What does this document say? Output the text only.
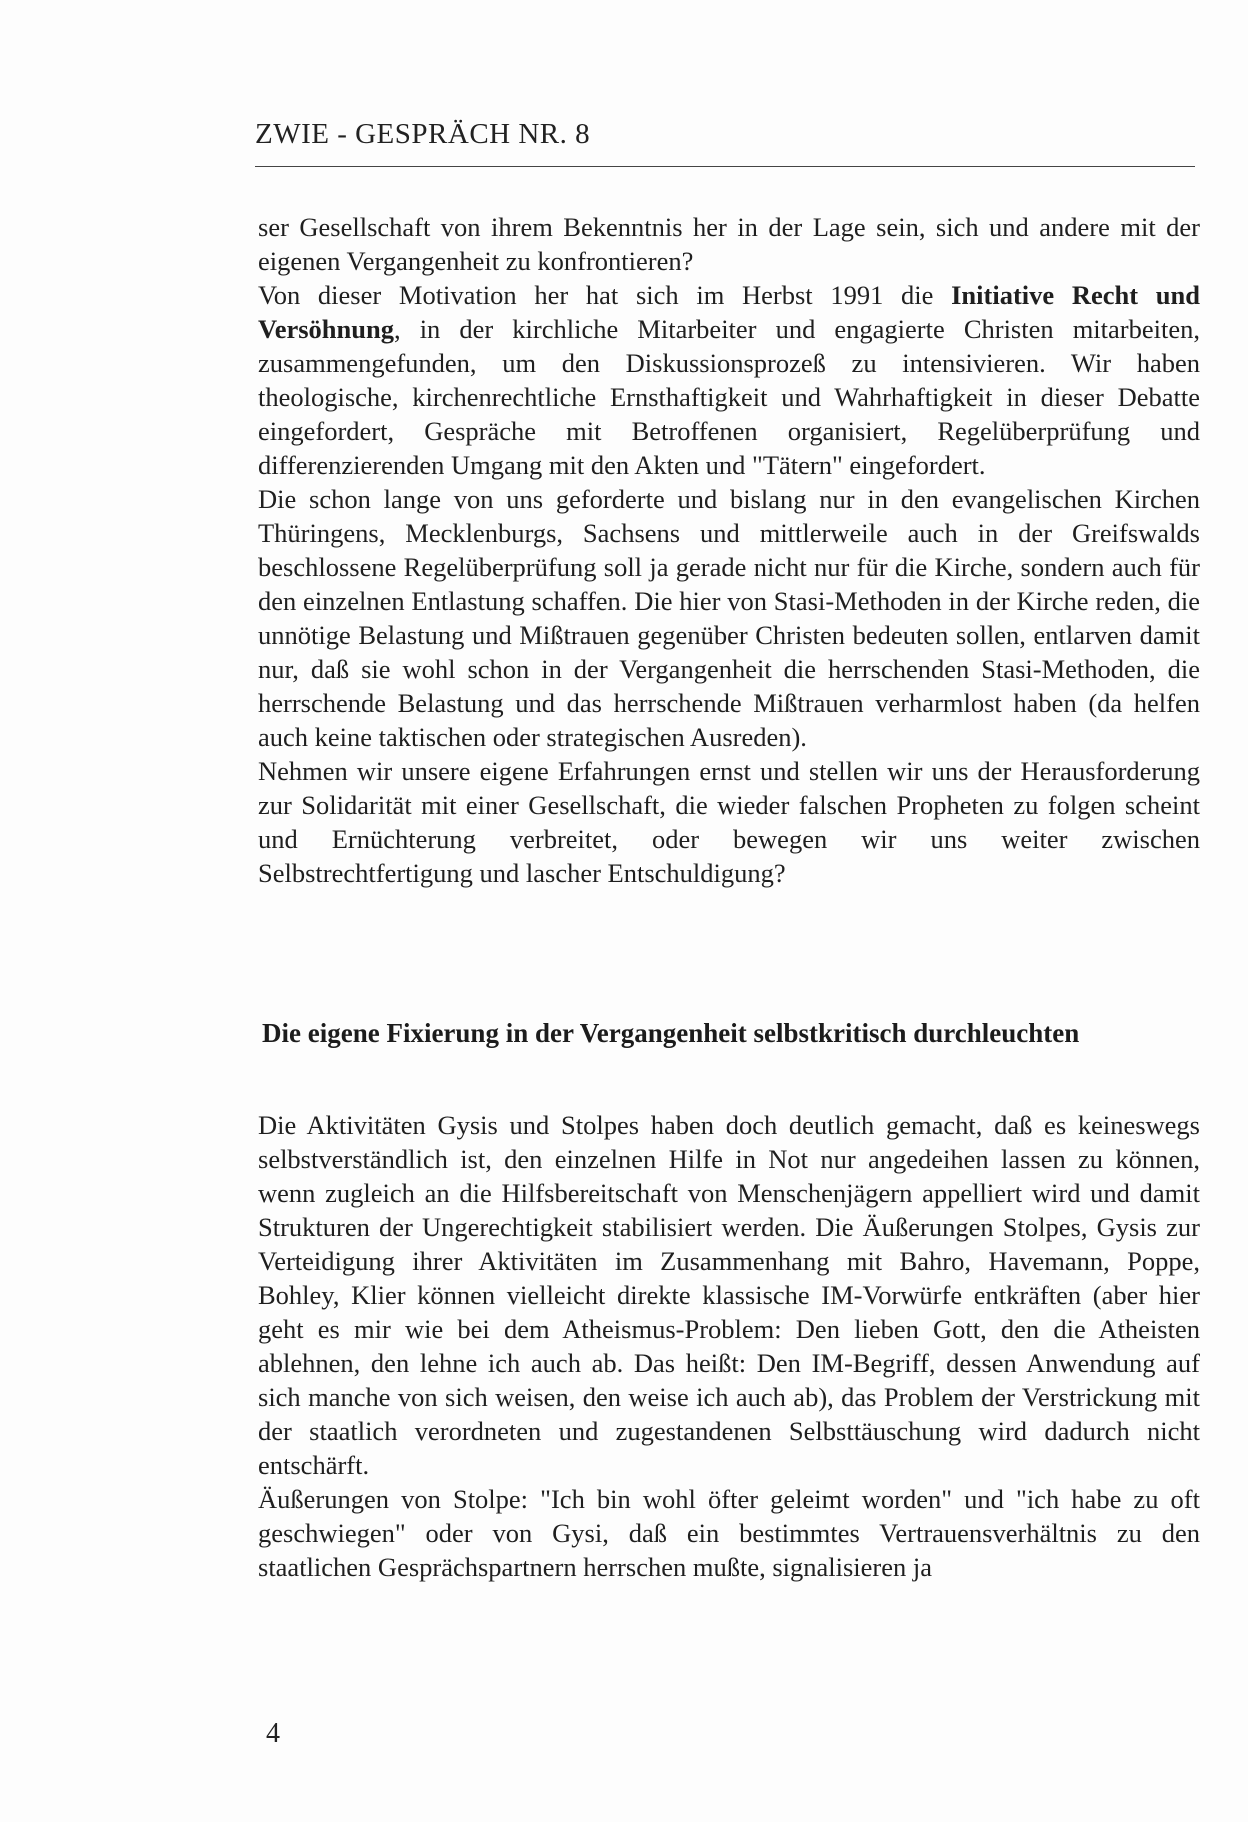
ZWIE - GESPRÄCH NR. 8

ser Gesellschaft von ihrem Bekenntnis her in der Lage sein, sich und andere mit der eigenen Vergangenheit zu konfrontieren?

Von dieser Motivation her hat sich im Herbst 1991 die Initiative Recht und Versöhnung, in der kirchliche Mitarbeiter und engagierte Christen mitarbeiten, zusammengefunden, um den Diskussionsprozeß zu intensivieren. Wir haben theologische, kirchenrechtliche Ernsthaftigkeit und Wahrhaftigkeit in dieser Debatte eingefordert, Gespräche mit Betroffenen organisiert, Regelüberprüfung und differenzierenden Umgang mit den Akten und "Tätern" eingefordert.

Die schon lange von uns geforderte und bislang nur in den evangelischen Kirchen Thüringens, Mecklenburgs, Sachsens und mittlerweile auch in der Greifswalds beschlossene Regelüberprüfung soll ja gerade nicht nur für die Kirche, sondern auch für den einzelnen Entlastung schaffen. Die hier von Stasi-Methoden in der Kirche reden, die unnötige Belastung und Mißtrauen gegenüber Christen bedeuten sollen, entlarven damit nur, daß sie wohl schon in der Vergangenheit die herrschenden Stasi-Methoden, die herrschende Belastung und das herrschende Mißtrauen verharmlost haben (da helfen auch keine taktischen oder strategischen Ausreden).

Nehmen wir unsere eigene Erfahrungen ernst und stellen wir uns der Herausforderung zur Solidarität mit einer Gesellschaft, die wieder falschen Propheten zu folgen scheint und Ernüchterung verbreitet, oder bewegen wir uns weiter zwischen Selbstrechtfertigung und lascher Entschuldigung?

Die eigene Fixierung in der Vergangenheit selbstkritisch durchleuchten

Die Aktivitäten Gysis und Stolpes haben doch deutlich gemacht, daß es keineswegs selbstverständlich ist, den einzelnen Hilfe in Not nur angedeihen lassen zu können, wenn zugleich an die Hilfsbereitschaft von Menschenjägern appelliert wird und damit Strukturen der Ungerechtigkeit stabilisiert werden. Die Äußerungen Stolpes, Gysis zur Verteidigung ihrer Aktivitäten im Zusammenhang mit Bahro, Havemann, Poppe, Bohley, Klier können vielleicht direkte klassische IM-Vorwürfe entkräften (aber hier geht es mir wie bei dem Atheismus-Problem: Den lieben Gott, den die Atheisten ablehnen, den lehne ich auch ab. Das heißt: Den IM-Begriff, dessen Anwendung auf sich manche von sich weisen, den weise ich auch ab), das Problem der Verstrickung mit der staatlich verordneten und zugestandenen Selbsttäuschung wird dadurch nicht entschärft.

Äußerungen von Stolpe: "Ich bin wohl öfter geleimt worden" und "ich habe zu oft geschwiegen" oder von Gysi, daß ein bestimmtes Vertrauensverhältnis zu den staatlichen Gesprächspartnern herrschen mußte, signalisieren ja

4
